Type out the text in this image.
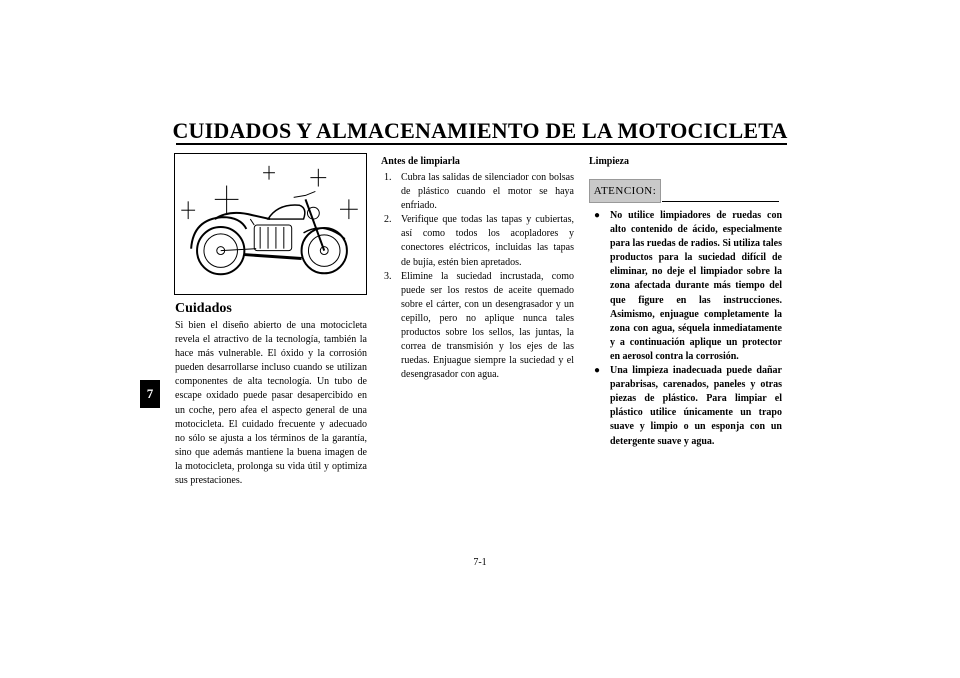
CUIDADOS Y ALMACENAMIENTO DE LA MOTOCICLETA
7
Cuidados

Si bien el diseño abierto de una motocicleta revela el atractivo de la tecnología, también la hace más vulnerable. El óxido y la corrosión pueden desarrollarse incluso cuando se utilizan componentes de alta tecnología. Un tubo de escape oxidado puede pasar desapercibido en un coche, pero afea el aspecto general de una motocicleta. El cuidado frecuente y adecuado no sólo se ajusta a los términos de la garantía, sino que además mantiene la buena imagen de la motocicleta, prolonga su vida útil y optimiza sus prestaciones.

Antes de limpiarla
1. Cubra las salidas de silenciador con bolsas de plástico cuando el motor se haya enfriado.
2. Verifique que todas las tapas y cubiertas, así como todos los acopladores y conectores eléctricos, incluidas las tapas de bujía, estén bien apretados.
3. Elimine la suciedad incrustada, como puede ser los restos de aceite quemado sobre el cárter, con un desengrasador y un cepillo, pero no aplique nunca tales productos sobre los sellos, las juntas, la correa de transmisión y los ejes de las ruedas. Enjuague siempre la suciedad y el desengrasador con agua.
Limpieza
ATENCION:
● No utilice limpiadores de ruedas con alto contenido de ácido, especialmente para las ruedas de radios. Si utiliza tales productos para la suciedad difícil de eliminar, no deje el limpiador sobre la zona afectada durante más tiempo del que figure en las instrucciones. Asimismo, enjuague completamente la zona con agua, séquela inmediatamente y a continuación aplique un protector en aerosol contra la corrosión.
● Una limpieza inadecuada puede dañar parabrisas, carenados, paneles y otras piezas de plástico. Para limpiar el plástico utilice únicamente un trapo suave y limpio o un esponja con un detergente suave y agua.
7-1
